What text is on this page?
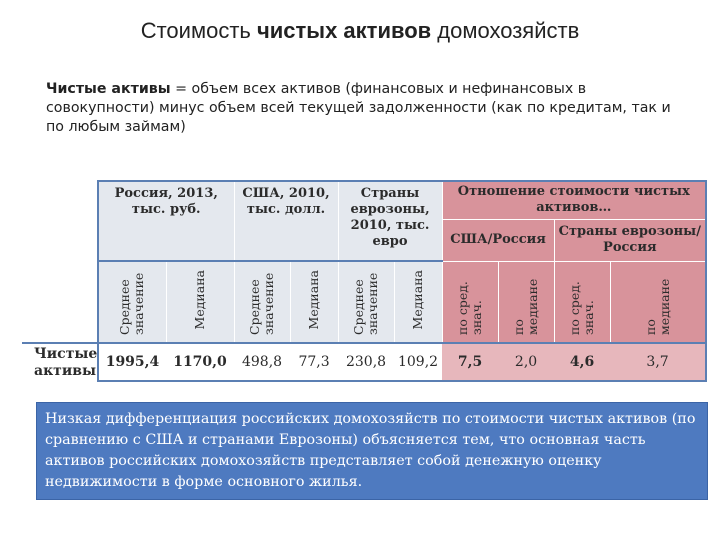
Стоимость чистых активов домохозяйств
Чистые активы = объем всех активов (финансовых и нефинансовых в совокупности) минус объем всей текущей задолженности (как по кредитам, так и по любым займам)
	Россия, 2013, тыс. руб.		США, 2010, тыс. долл.		Страны еврозоны, 2010, тыс. евро		Отношение стоимости чистых активов…			
							США/Россия		Страны еврозоны/Россия	
	Среднее значение	Медиана	Среднее значение	Медиана	Среднее значение	Медиана	по сред. знач.	по медиане	по сред. знач.	по медиане
Чистые активы	1995,4	1170,0	498,8	77,3	230,8	109,2	7,5	2,0	4,6	3,7
Низкая дифференциация российских домохозяйств по стоимости чистых активов (по сравнению с США и странами Еврозоны) объясняется тем, что основная часть активов российских домохозяйств представляет собой денежную оценку недвижимости в форме основного жилья.
